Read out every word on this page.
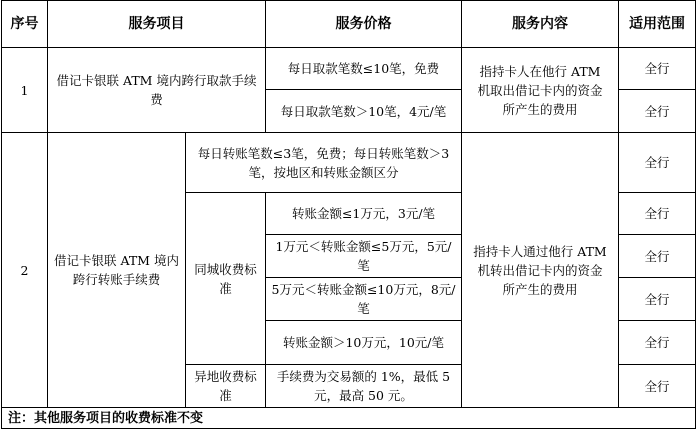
序号	服务项目		服务价格	服务内容	适用范围
1	借记卡银联 ATM 境内跨行取款手续费		每日取款笔数≤10笔，免费	指持卡人在他行 ATM 机取出借记卡内的资金所产生的费用	全行
			每日取款笔数＞10笔，4元/笔		全行
2	借记卡银联 ATM 境内跨行转账手续费	每日转账笔数≤3笔，免费；每日转账笔数＞3笔，按地区和转账金额区分		指持卡人通过他行 ATM 机转出借记卡内的资金所产生的费用	全行
		同城收费标准	转账金额≤1万元，3元/笔		全行
			1万元＜转账金额≤5万元，5元/笔		全行
			5万元＜转账金额≤10万元，8元/笔		全行
			转账金额＞10万元，10元/笔		全行
		异地收费标准	手续费为交易额的 1%，最低 5 元，最高 50 元。		全行
注：其他服务项目的收费标准不变					
